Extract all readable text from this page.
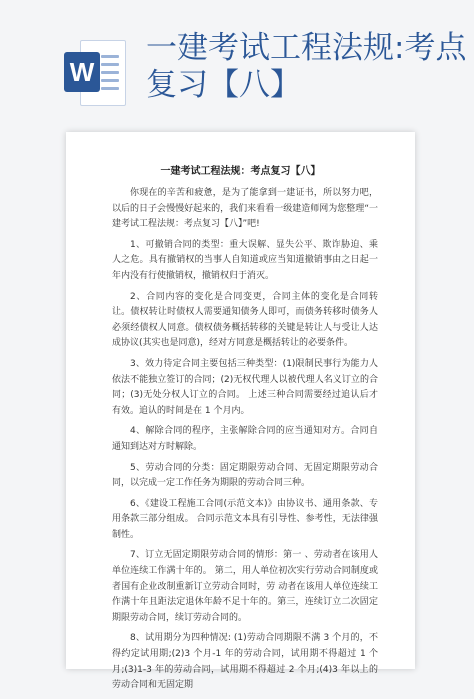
W
一建考试工程法规:考点复习【八】
一建考试工程法规：考点复习【八】

你现在的辛苦和疲惫，是为了能拿到一建证书，所以努力吧，以后的日子会慢慢好起来的，我们来看看一级建造师网为您整理“一建考试工程法规：考点复习【八】”吧!

1、可撤销合同的类型：重大误解、显失公平、欺诈胁迫、乘人之危。具有撤销权的当事人自知道或应当知道撤销事由之日起一年内没有行使撤销权，撤销权归于消灭。

2、合同内容的变化是合同变更，合同主体的变化是合同转让。债权转让时债权人需要通知债务人即可，而债务转移时债务人必须经债权人同意。债权债务概括转移的关键是转让人与受让人达成协议(其实也是同意)，经对方同意是概括转让的必要条件。

3、效力待定合同主要包括三种类型：(1)限制民事行为能力人依法不能独立签订的合同；(2)无权代理人以被代理人名义订立的合同；(3)无处分权人订立的合同。 上述三种合同需要经过追认后才有效。追认的时间是在 1 个月内。

4、解除合同的程序，主张解除合同的应当通知对方。合同自通知到达对方时解除。

5、劳动合同的分类：固定期限劳动合同、无固定期限劳动合同，以完成一定工作任务为期限的劳动合同三种。

6、《建设工程施工合同(示范文本)》由协议书、通用条款、专用条款三部分组成。 合同示范文本具有引导性、参考性，无法律强制性。

7、订立无固定期限劳动合同的情形：第一 、劳动者在该用人单位连续工作满十年的。 第二，用人单位初次实行劳动合同制度或者国有企业改制重新订立劳动合同时，劳 动者在该用人单位连续工作满十年且距法定退休年龄不足十年的。第三，连续订立二次固定期限劳动合同，续订劳动合同的。

8、试用期分为四种情况: (1)劳动合同期限不满 3 个月的，不得约定试用期;(2)3 个月-1 年的劳动合同，试用期不得超过 1 个月;(3)1-3 年的劳动合同，试用期不得超过 2 个月;(4)3 年以上的劳动合同和无固定期
